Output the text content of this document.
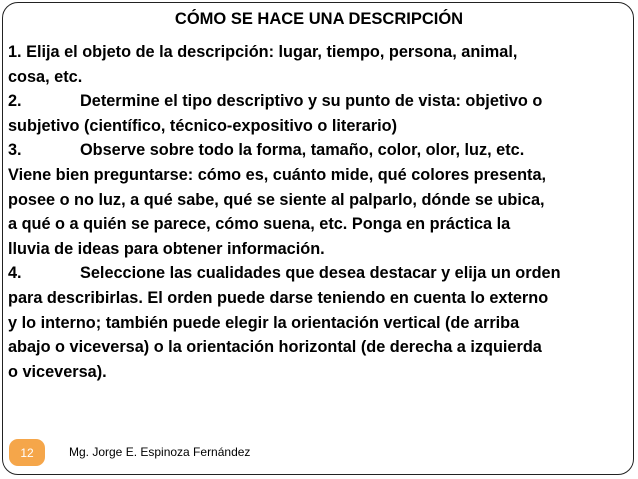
CÓMO SE HACE UNA DESCRIPCIÓN
1. Elija el objeto de la descripción: lugar, tiempo, persona, animal,
cosa, etc.
2.	Determine el tipo descriptivo y su punto de vista: objetivo o
subjetivo (científico, técnico-expositivo o literario)
3.	Observe sobre todo la forma, tamaño, color, olor, luz, etc.
Viene bien preguntarse: cómo es, cuánto mide, qué colores presenta,
posee o no luz, a qué sabe, qué se siente al palparlo, dónde se ubica,
a qué o a quién se parece, cómo suena, etc. Ponga en práctica la
lluvia de ideas para obtener información.
4.	Seleccione las cualidades que desea destacar y elija un orden
para describirlas. El orden puede darse teniendo en cuenta lo externo
y lo interno; también puede elegir la orientación vertical (de arriba
abajo o viceversa) o la orientación horizontal (de derecha a izquierda
o viceversa).
12	Mg. Jorge E. Espinoza Fernández
